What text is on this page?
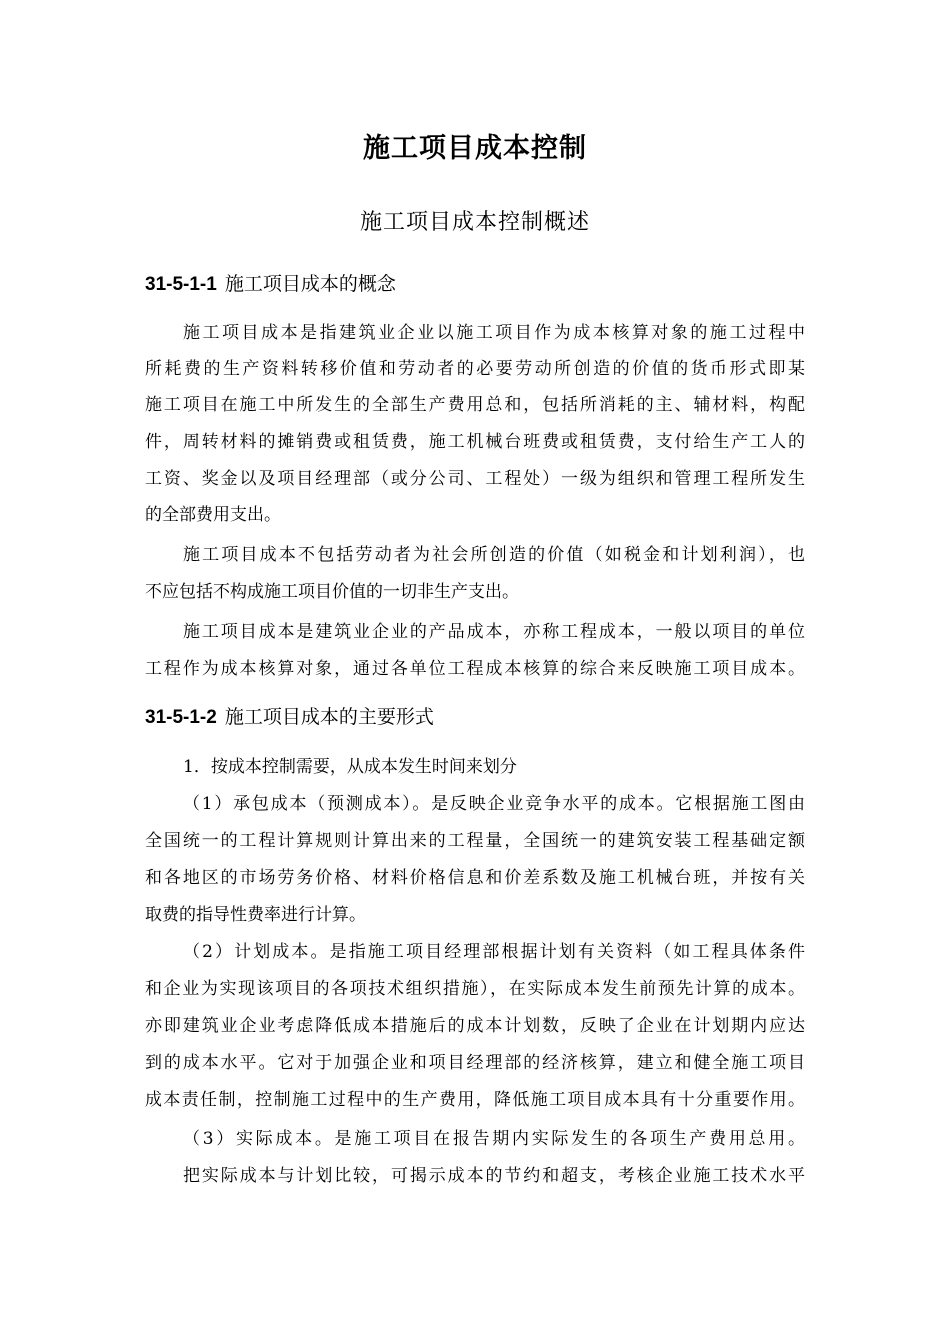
施工项目成本控制
施工项目成本控制概述
31-5-1-1 施工项目成本的概念
施工项目成本是指建筑业企业以施工项目作为成本核算对象的施工过程中
所耗费的生产资料转移价值和劳动者的必要劳动所创造的价值的货币形式即某
施工项目在施工中所发生的全部生产费用总和，包括所消耗的主、辅材料，构配
件，周转材料的摊销费或租赁费，施工机械台班费或租赁费，支付给生产工人的
工资、奖金以及项目经理部（或分公司、工程处）一级为组织和管理工程所发生
的全部费用支出。
施工项目成本不包括劳动者为社会所创造的价值（如税金和计划利润），也
不应包括不构成施工项目价值的一切非生产支出。
施工项目成本是建筑业企业的产品成本，亦称工程成本，一般以项目的单位
工程作为成本核算对象，通过各单位工程成本核算的综合来反映施工项目成本。
31-5-1-2 施工项目成本的主要形式
1．按成本控制需要，从成本发生时间来划分
（1）承包成本（预测成本）。是反映企业竞争水平的成本。它根据施工图由
全国统一的工程计算规则计算出来的工程量，全国统一的建筑安装工程基础定额
和各地区的市场劳务价格、材料价格信息和价差系数及施工机械台班，并按有关
取费的指导性费率进行计算。
（2）计划成本。是指施工项目经理部根据计划有关资料（如工程具体条件
和企业为实现该项目的各项技术组织措施），在实际成本发生前预先计算的成本。
亦即建筑业企业考虑降低成本措施后的成本计划数，反映了企业在计划期内应达
到的成本水平。它对于加强企业和项目经理部的经济核算，建立和健全施工项目
成本责任制，控制施工过程中的生产费用，降低施工项目成本具有十分重要作用。
（3）实际成本。是施工项目在报告期内实际发生的各项生产费用总用。
把实际成本与计划比较，可揭示成本的节约和超支，考核企业施工技术水平
